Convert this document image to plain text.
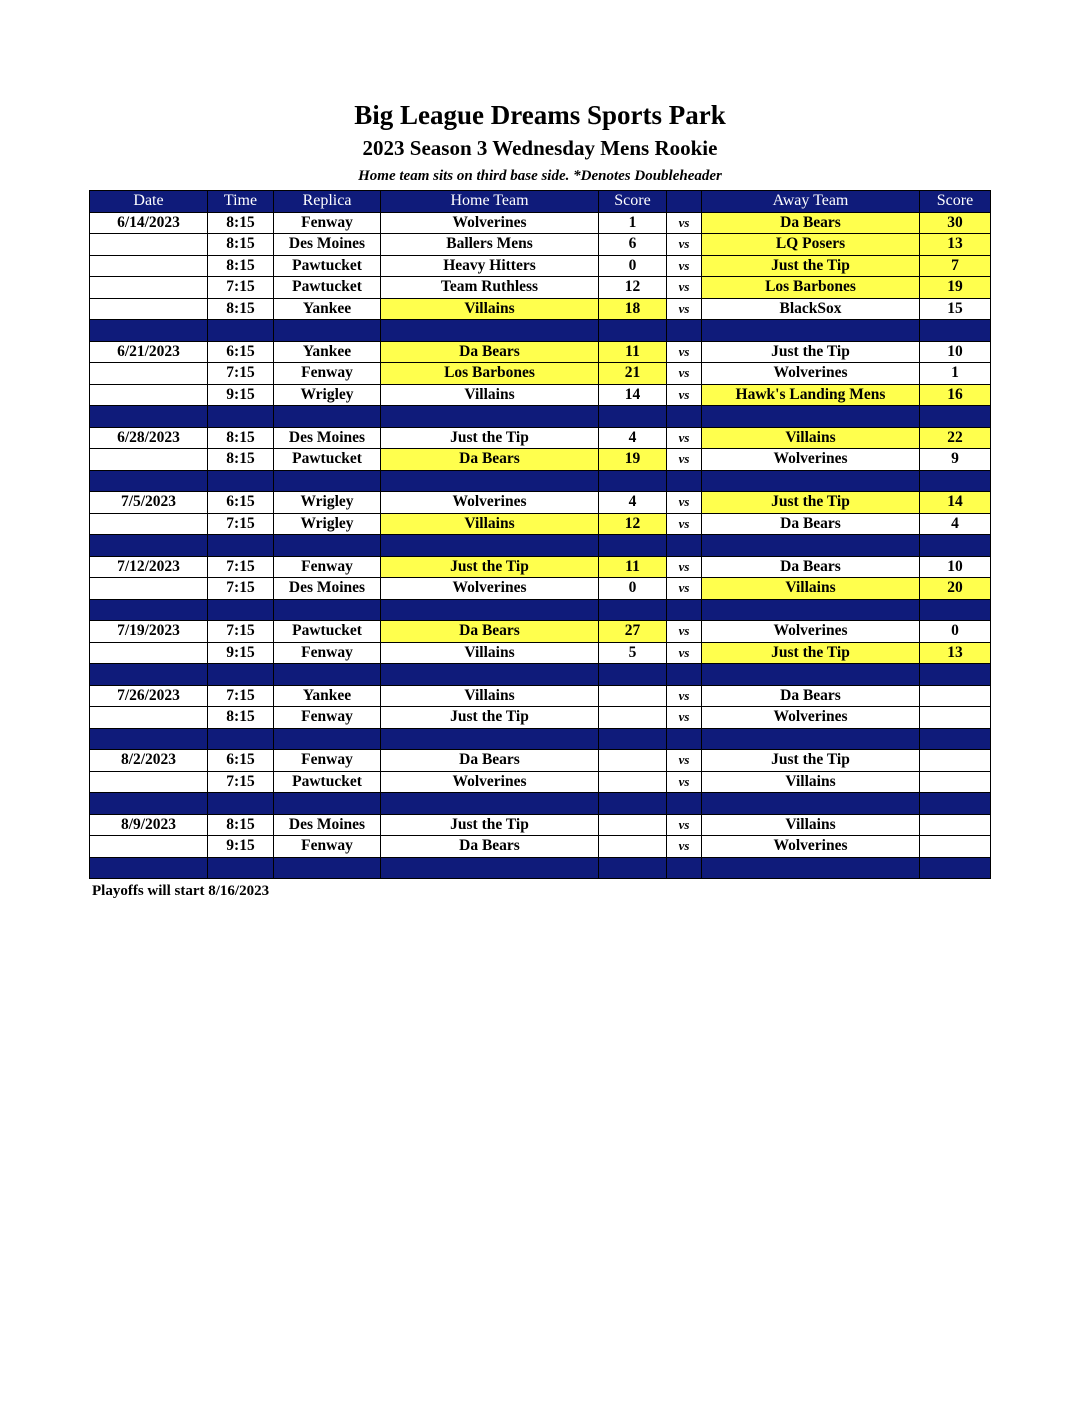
Big League Dreams Sports Park
2023 Season 3 Wednesday Mens Rookie
Home team sits on third base side. *Denotes Doubleheader
Date	Time	Replica	Home Team	Score		Away Team	Score
6/14/2023	8:15	Fenway	Wolverines	1	vs	Da Bears	30
	8:15	Des Moines	Ballers Mens	6	vs	LQ Posers	13
	8:15	Pawtucket	Heavy Hitters	0	vs	Just the Tip	7
	7:15	Pawtucket	Team Ruthless	12	vs	Los Barbones	19
	8:15	Yankee	Villains	18	vs	BlackSox	15

6/21/2023	6:15	Yankee	Da Bears	11	vs	Just the Tip	10
	7:15	Fenway	Los Barbones	21	vs	Wolverines	1
	9:15	Wrigley	Villains	14	vs	Hawk's Landing Mens	16

6/28/2023	8:15	Des Moines	Just the Tip	4	vs	Villains	22
	8:15	Pawtucket	Da Bears	19	vs	Wolverines	9

7/5/2023	6:15	Wrigley	Wolverines	4	vs	Just the Tip	14
	7:15	Wrigley	Villains	12	vs	Da Bears	4

7/12/2023	7:15	Fenway	Just the Tip	11	vs	Da Bears	10
	7:15	Des Moines	Wolverines	0	vs	Villains	20

7/19/2023	7:15	Pawtucket	Da Bears	27	vs	Wolverines	0
	9:15	Fenway	Villains	5	vs	Just the Tip	13

7/26/2023	7:15	Yankee	Villains		vs	Da Bears	
	8:15	Fenway	Just the Tip		vs	Wolverines	

8/2/2023	6:15	Fenway	Da Bears		vs	Just the Tip	
	7:15	Pawtucket	Wolverines		vs	Villains	

8/9/2023	8:15	Des Moines	Just the Tip		vs	Villains	
	9:15	Fenway	Da Bears		vs	Wolverines	

Playoffs will start 8/16/2023
